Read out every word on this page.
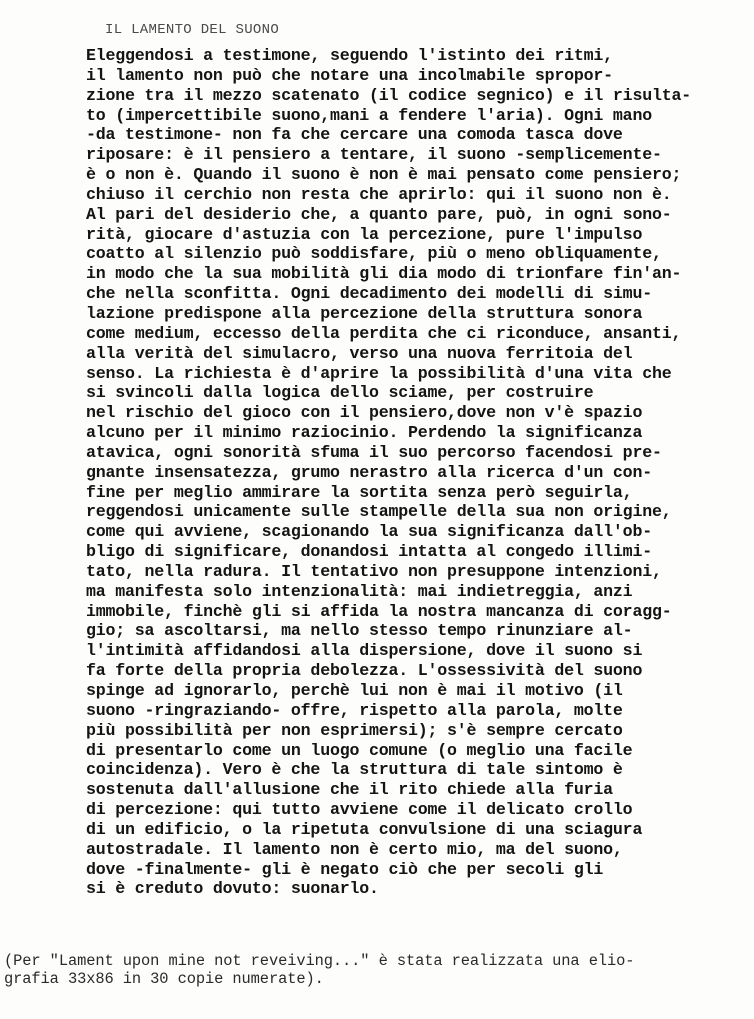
IL LAMENTO DEL SUONO
Eleggendosi a testimone, seguendo l'istinto dei ritmi,
il lamento non può che notare una incolmabile spropor-
zione tra il mezzo scatenato (il codice segnico) e il risulta-
to (impercettibile suono,mani a fendere l'aria). Ogni mano
-da testimone- non fa che cercare una comoda tasca dove
riposare: è il pensiero a tentare, il suono -semplicemente-
è o non è. Quando il suono è non è mai pensato come pensiero;
chiuso il cerchio non resta che aprirlo: qui il suono non è.
Al pari del desiderio che, a quanto pare, può, in ogni sono-
rità, giocare d'astuzia con la percezione, pure l'impulso
coatto al silenzio può soddisfare, più o meno obliquamente,
in modo che la sua mobilità gli dia modo di trionfare fin'an-
che nella sconfitta. Ogni decadimento dei modelli di simu-
lazione predispone alla percezione della struttura sonora
come medium, eccesso della perdita che ci riconduce, ansanti,
alla verità del simulacro, verso una nuova ferritoia del
senso. La richiesta è d'aprire la possibilità d'una vita che
si svincoli dalla logica dello sciame, per costruire
nel rischio del gioco con il pensiero,dove non v'è spazio
alcuno per il minimo raziocinio. Perdendo la significanza
atavica, ogni sonorità sfuma il suo percorso facendosi pre-
gnante insensatezza, grumo nerastro alla ricerca d'un con-
fine per meglio ammirare la sortita senza però seguirla,
reggendosi unicamente sulle stampelle della sua non origine,
come qui avviene, scagionando la sua significanza dall'ob-
bligo di significare, donandosi intatta al congedo illimi-
tato, nella radura. Il tentativo non presuppone intenzioni,
ma manifesta solo intenzionalità: mai indietreggia, anzi
immobile, finchè gli si affida la nostra mancanza di coragg-
gio; sa ascoltarsi, ma nello stesso tempo rinunziare al-
l'intimità affidandosi alla dispersione, dove il suono si
fa forte della propria debolezza. L'ossessività del suono
spinge ad ignorarlo, perchè lui non è mai il motivo (il
suono -ringraziando- offre, rispetto alla parola, molte
più possibilità per non esprimersi); s'è sempre cercato
di presentarlo come un luogo comune (o meglio una facile
coincidenza). Vero è che la struttura di tale sintomo è
sostenuta dall'allusione che il rito chiede alla furia
di percezione: qui tutto avviene come il delicato crollo
di un edificio, o la ripetuta convulsione di una sciagura
autostradale. Il lamento non è certo mio, ma del suono,
dove -finalmente- gli è negato ciò che per secoli gli
si è creduto dovuto: suonarlo.
(Per "Lament upon mine not reveiving..." è stata realizzata una elio-
grafia 33x86 in 30 copie numerate).
